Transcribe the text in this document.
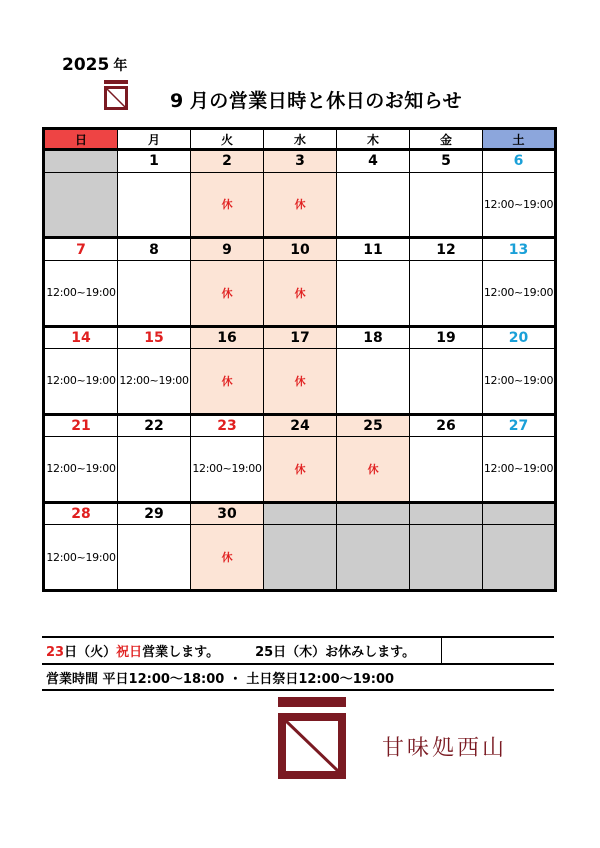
2025 年
9 月の営業日時と休日のお知らせ
日	月	火	水	木	金	土
	1	2	3	4	5	6
		休	休			12:00~19:00
7	8	9	10	11	12	13
12:00~19:00		休	休			12:00~19:00
14	15	16	17	18	19	20
12:00~19:00	12:00~19:00	休	休			12:00~19:00
21	22	23	24	25	26	27
12:00~19:00		12:00~19:00	休	休		12:00~19:00
28	29	30				
12:00~19:00		休				
23日（火）祝日営業します。	25日（木）お休みします。
営業時間 平日12:00～18:00 ・ 土日祭日12:00～19:00
甘味処西山
